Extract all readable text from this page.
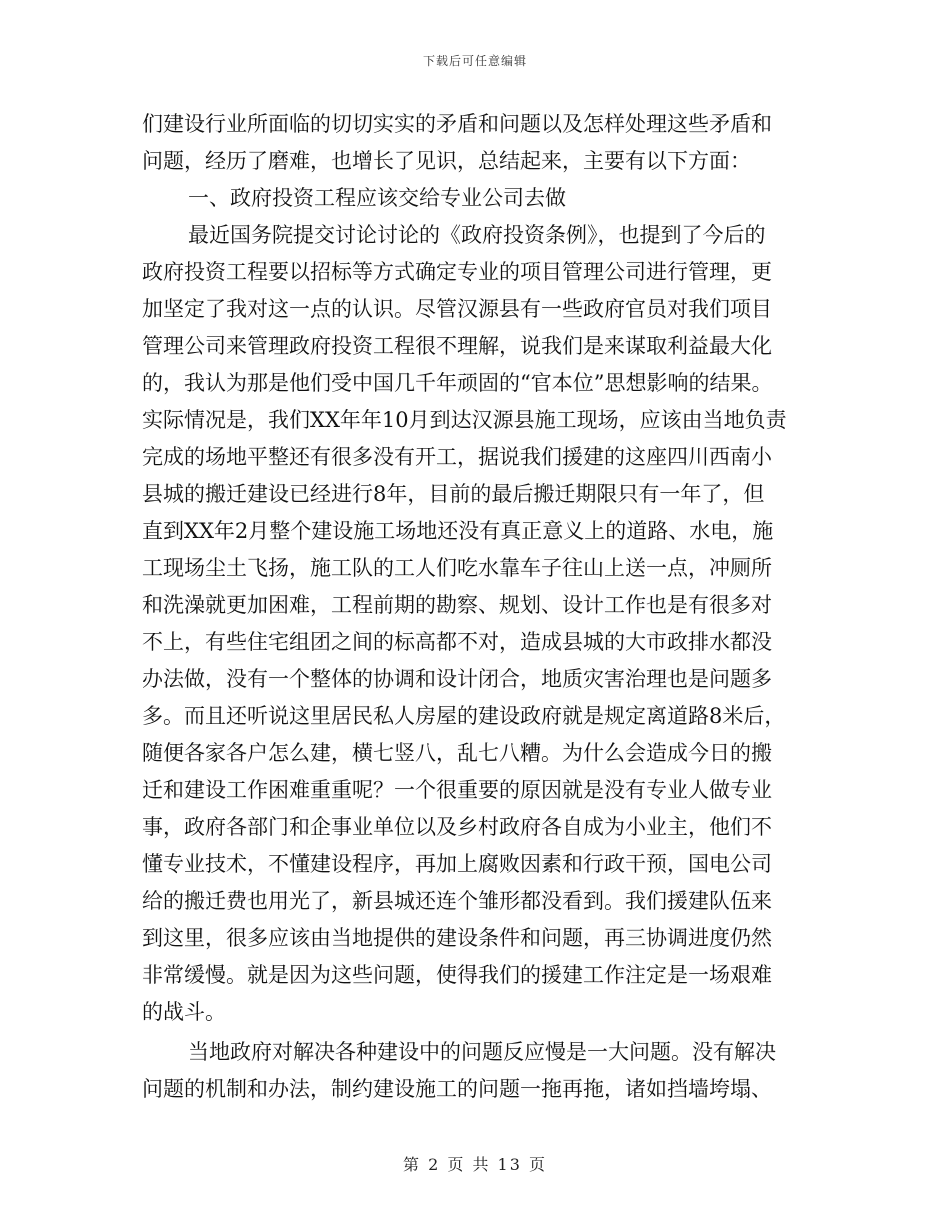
下载后可任意编辑
们建设行业所面临的切切实实的矛盾和问题以及怎样处理这些矛盾和
问题，经历了磨难，也增长了见识，总结起来，主要有以下方面：
一、政府投资工程应该交给专业公司去做
最近国务院提交讨论讨论的《政府投资条例》，也提到了今后的
政府投资工程要以招标等方式确定专业的项目管理公司进行管理，更
加坚定了我对这一点的认识。尽管汉源县有一些政府官员对我们项目
管理公司来管理政府投资工程很不理解，说我们是来谋取利益最大化
的，我认为那是他们受中国几千年顽固的“官本位”思想影响的结果。
实际情况是，我们XX年年10月到达汉源县施工现场，应该由当地负责
完成的场地平整还有很多没有开工，据说我们援建的这座四川西南小
县城的搬迁建设已经进行8年，目前的最后搬迁期限只有一年了，但
直到XX年2月整个建设施工场地还没有真正意义上的道路、水电，施
工现场尘土飞扬，施工队的工人们吃水靠车子往山上送一点，冲厕所
和洗澡就更加困难，工程前期的勘察、规划、设计工作也是有很多对
不上，有些住宅组团之间的标高都不对，造成县城的大市政排水都没
办法做，没有一个整体的协调和设计闭合，地质灾害治理也是问题多
多。而且还听说这里居民私人房屋的建设政府就是规定离道路8米后，
随便各家各户怎么建，横七竖八，乱七八糟。为什么会造成今日的搬
迁和建设工作困难重重呢？一个很重要的原因就是没有专业人做专业
事，政府各部门和企事业单位以及乡村政府各自成为小业主，他们不
懂专业技术，不懂建设程序，再加上腐败因素和行政干预，国电公司
给的搬迁费也用光了，新县城还连个雏形都没看到。我们援建队伍来
到这里，很多应该由当地提供的建设条件和问题，再三协调进度仍然
非常缓慢。就是因为这些问题，使得我们的援建工作注定是一场艰难
的战斗。
当地政府对解决各种建设中的问题反应慢是一大问题。没有解决
问题的机制和办法，制约建设施工的问题一拖再拖，诸如挡墙垮塌、
第 2 页 共 13 页
